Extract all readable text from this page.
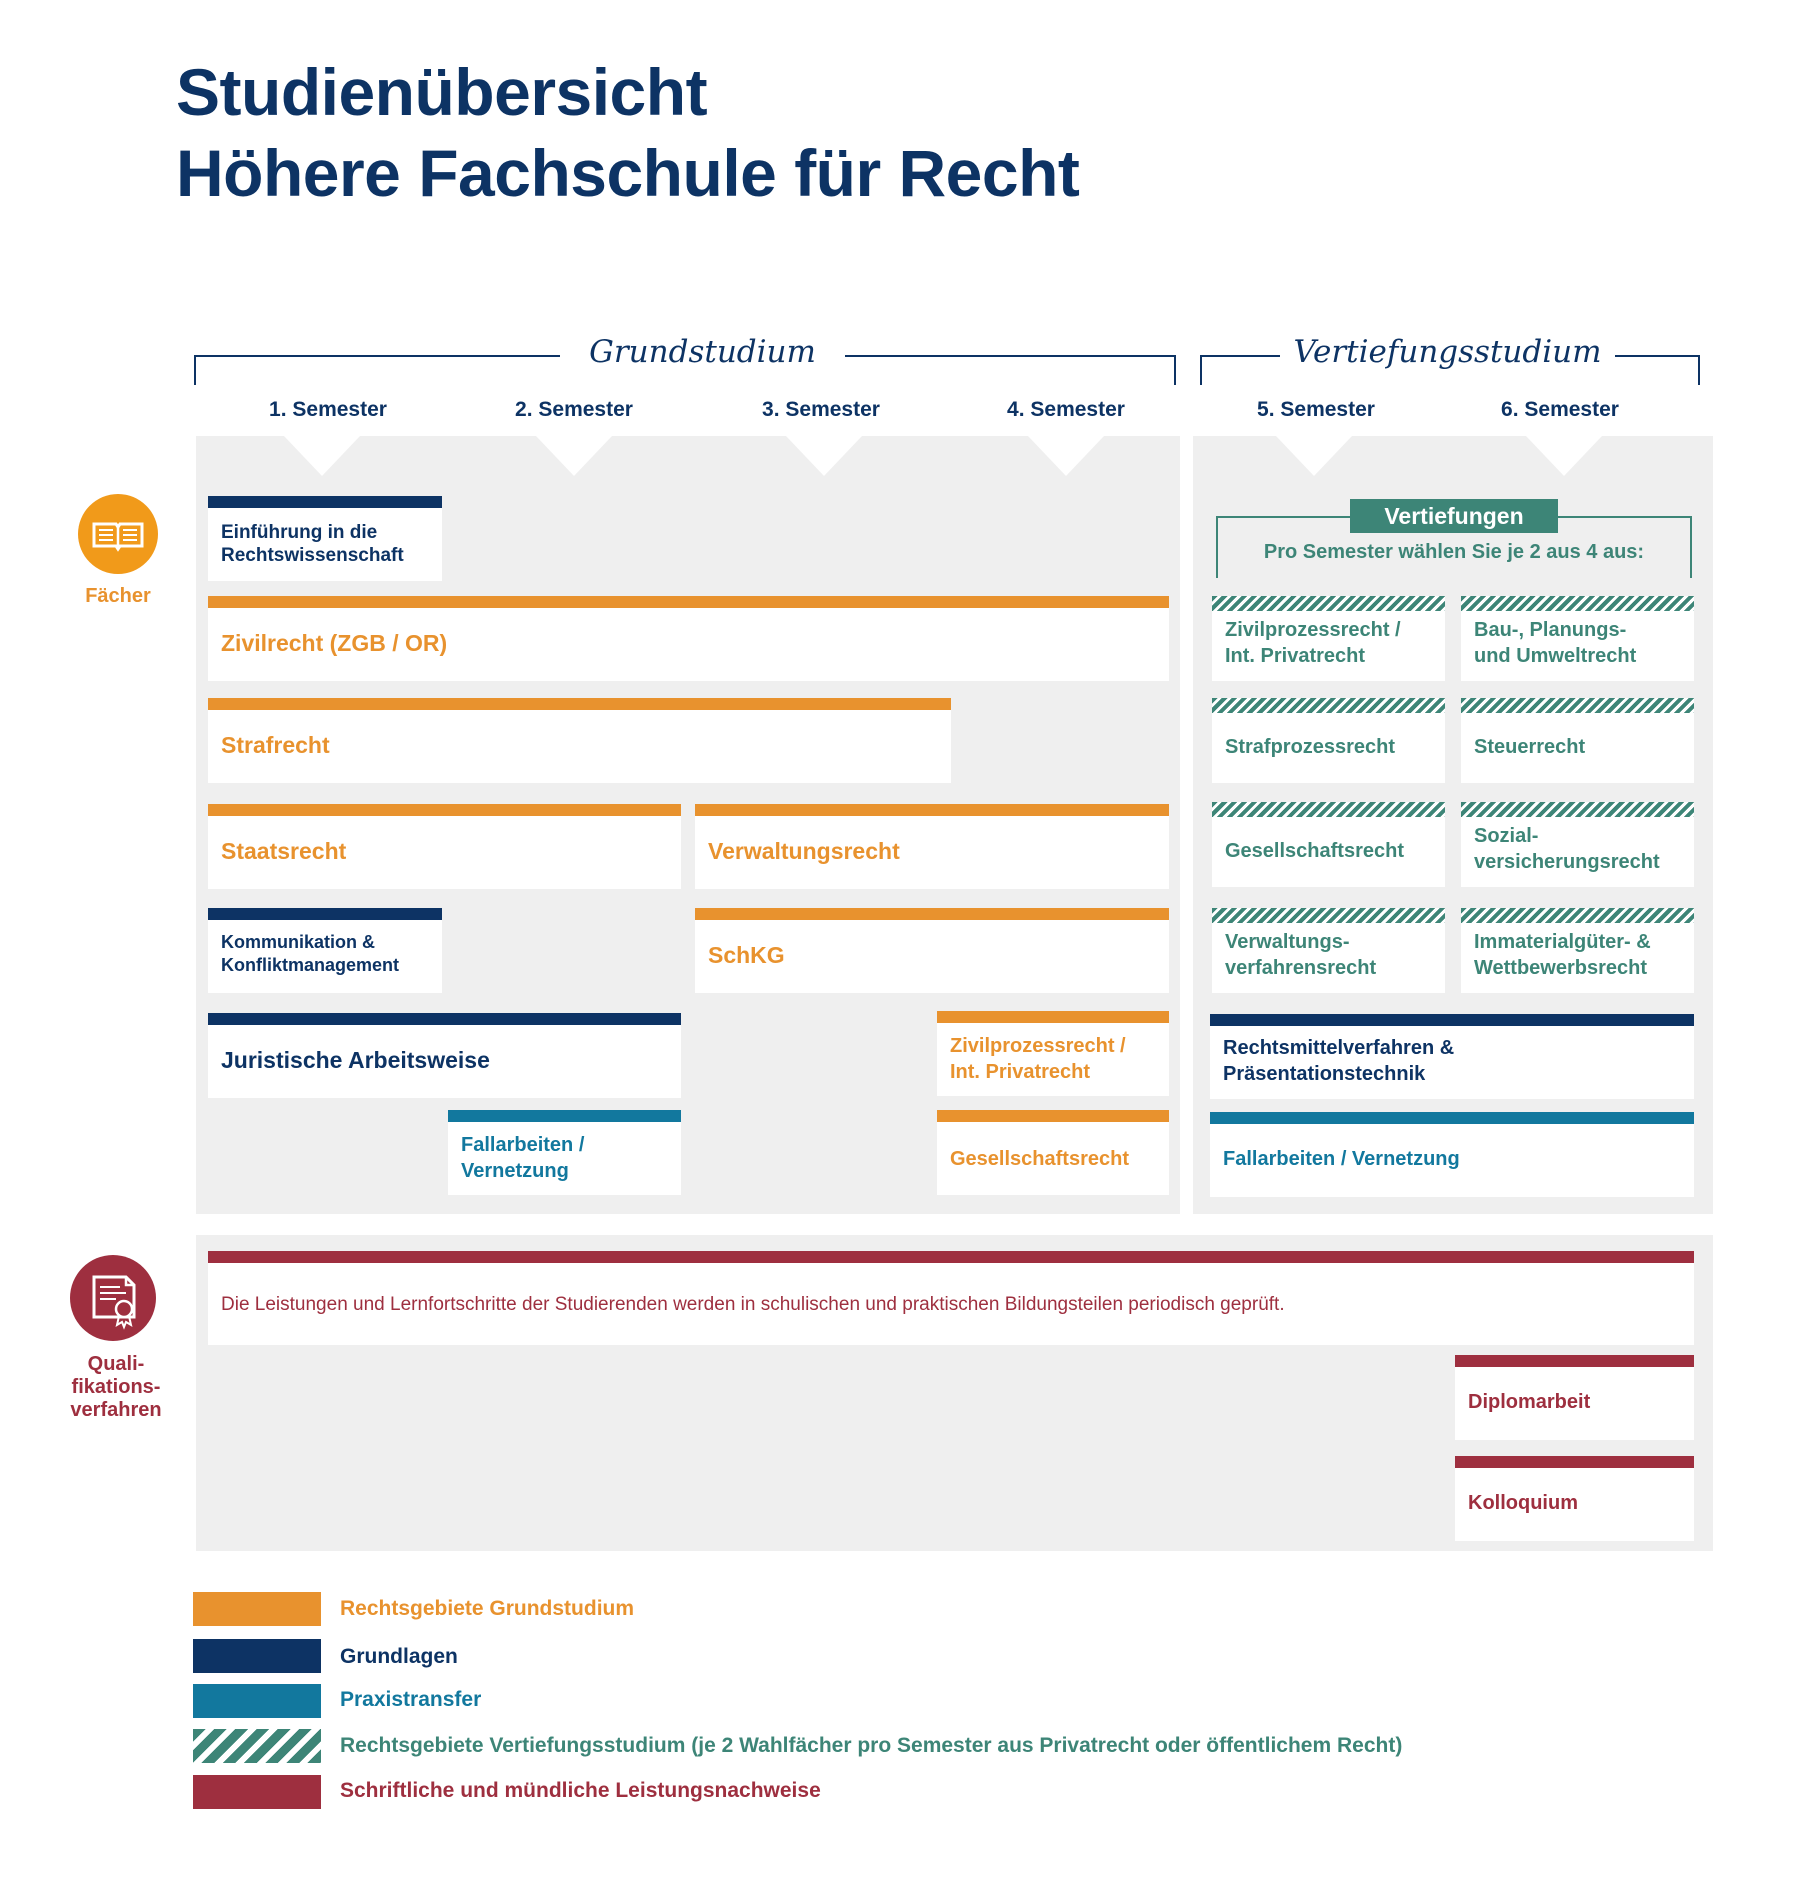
Studienübersicht
Höhere Fachschule für Recht
Grundstudium	Vertiefungsstudium
1. Semester	2. Semester	3. Semester	4. Semester	5. Semester	6. Semester
Fächer
Quali-
fikations-
verfahren
Einführung in die
Rechtswissenschaft
Zivilrecht (ZGB / OR)
Strafrecht
Staatsrecht	Verwaltungsrecht
Kommunikation &
Konfliktmanagement	SchKG
Juristische Arbeitsweise
Zivilprozessrecht /
Int. Privatrecht
Fallarbeiten /
Vernetzung
Gesellschaftsrecht
Vertiefungen
Pro Semester wählen Sie je 2 aus 4 aus:
Zivilprozessrecht /
Int. Privatrecht
Bau-, Planungs-
und Umweltrecht
Strafprozessrecht	Steuerrecht
Gesellschaftsrecht
Sozial-
versicherungsrecht
Verwaltungs-
verfahrensrecht
Immaterialgüter- &
Wettbewerbsrecht
Rechtsmittelverfahren &
Präsentationstechnik
Fallarbeiten / Vernetzung
Die Leistungen und Lernfortschritte der Studierenden werden in schulischen und praktischen Bildungsteilen periodisch geprüft.
Diplomarbeit
Kolloquium
Rechtsgebiete Grundstudium
Grundlagen
Praxistransfer
Rechtsgebiete Vertiefungsstudium (je 2 Wahlfächer pro Semester aus Privatrecht oder öffentlichem Recht)
Schriftliche und mündliche Leistungsnachweise
